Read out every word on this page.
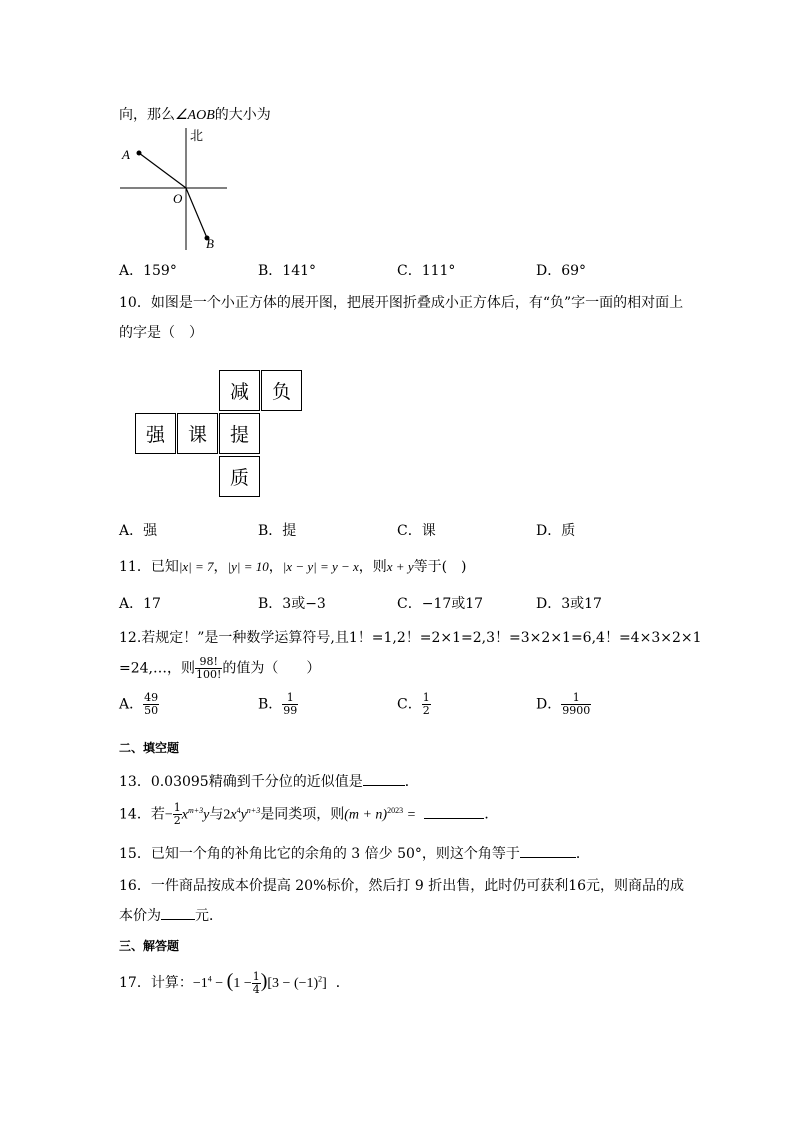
向，那么∠AOB的大小为
北
A
O
B
A．159°	B．141°	C．111°	D．69°
10．如图是一个小正方体的展开图，把展开图折叠成小正方体后，有“负”字一面的相对面上
的字是（　）
减	负
强	课	提
质
A．强	B．提	C．课	D．质
11．已知|x| = 7，|y| = 10，|x − y| = y − x，则x + y等于(　)
A．17	B．3或−3	C．−17或17	D．3或17
12.若规定！”是一种数学运算符号,且1！=1,2！=2×1=2,3！=3×2×1=6,4！=4×3×2×1
=24,…，则 $\frac{98!}{100!}$ 的值为（　　）
A． $\frac{49}{50}$	B． $\frac{1}{99}$	C． $\frac{1}{2}$	D． $\frac{1}{9900}$
二、填空题
13．0.03095精确到千分位的近似值是	．
14．若− $\frac{1}{2} x^{m+3}y$与$2x^4y^{n+3}$是同类项，则$(m + n)^{2023}$ =	．
15．已知一个角的补角比它的余角的 3 倍少 50°，则这个角等于	．
16．一件商品按成本价提高 20%标价，然后打 9 折出售，此时仍可获利16元，则商品的成
本价为 元．
三、解答题
17．计算：$-1^4 - (1 - \frac{1}{4} )[3 - (-1)^2]$ ．
